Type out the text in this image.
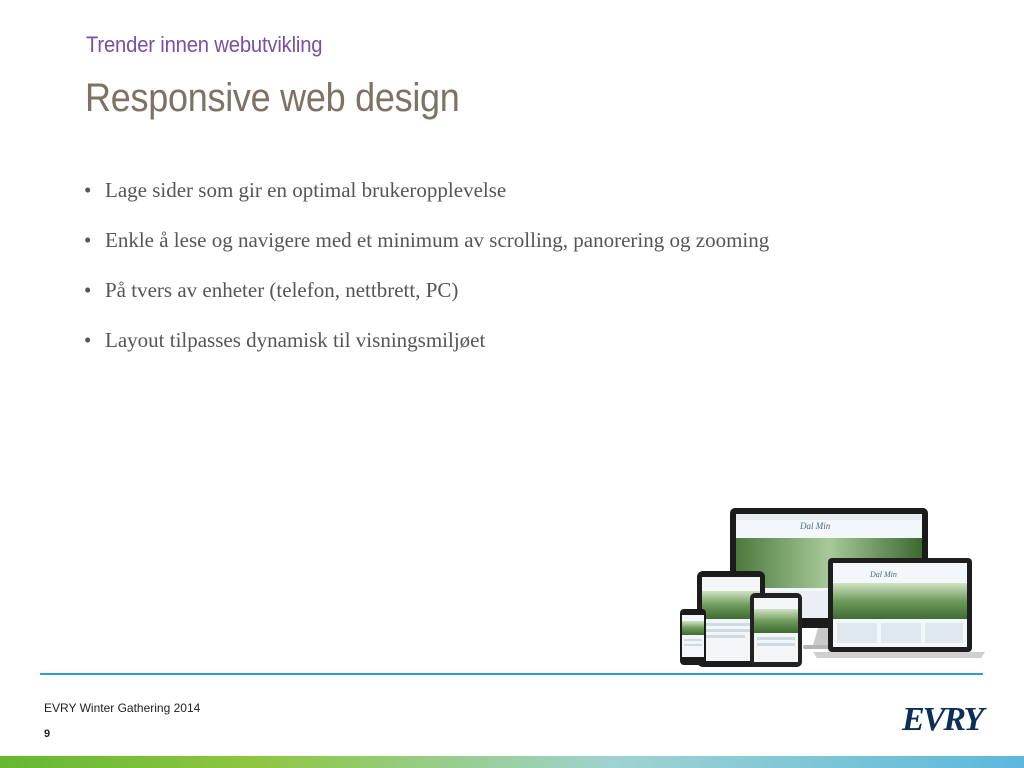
Trender innen webutvikling
Responsive web design
• Lage sider som gir en optimal brukeropplevelse
• Enkle å lese og navigere med et minimum av scrolling, panorering og zooming
• På tvers av enheter (telefon, nettbrett, PC)
• Layout tilpasses dynamisk til visningsmiljøet
Dal Min
Dal Min
EVRY Winter Gathering 2014
9	EVRY
